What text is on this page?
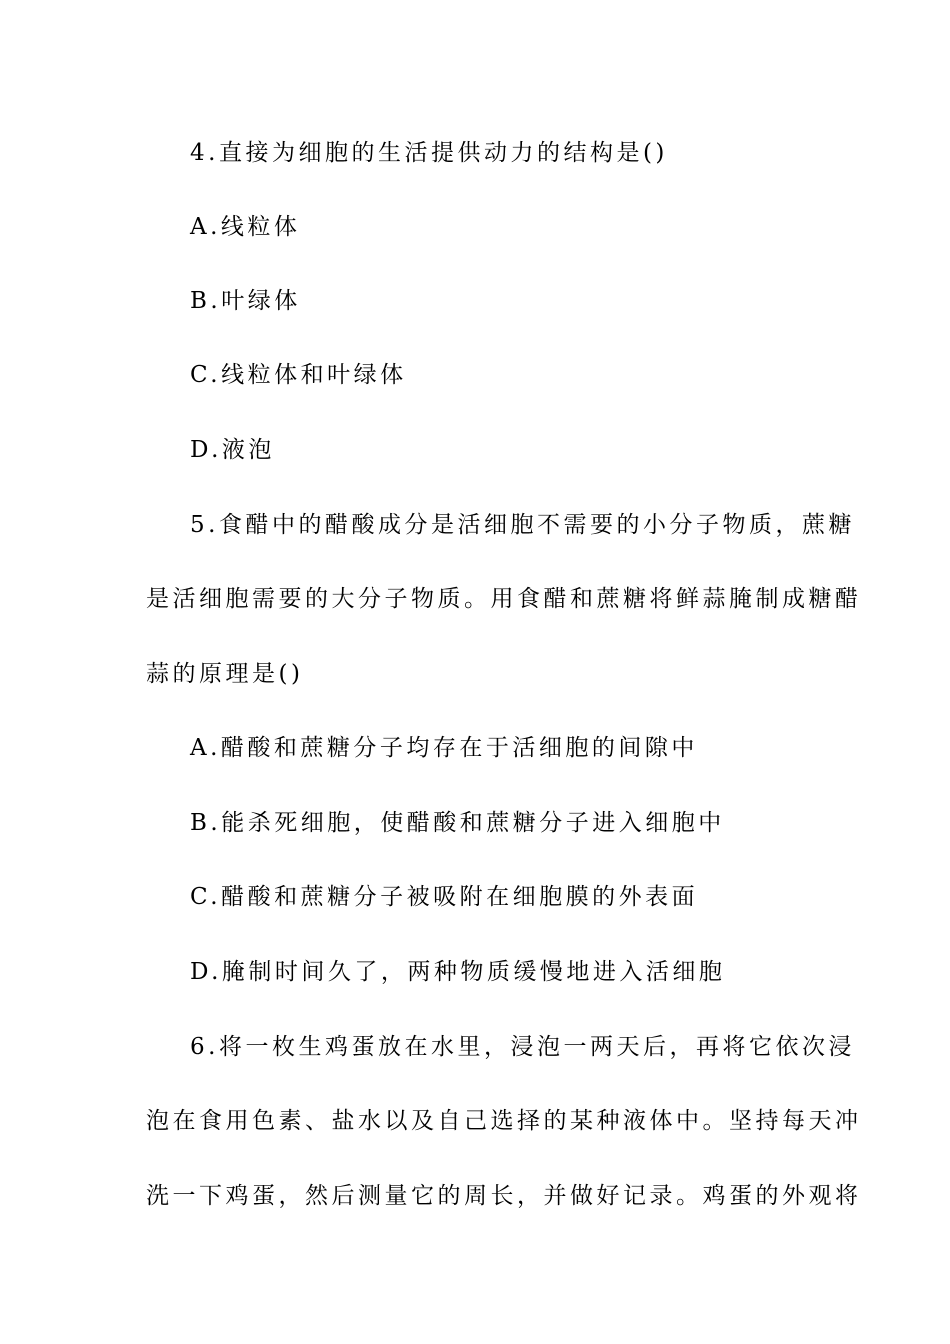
4.直接为细胞的生活提供动力的结构是()
A.线粒体
B.叶绿体
C.线粒体和叶绿体
D.液泡
5.食醋中的醋酸成分是活细胞不需要的小分子物质，蔗糖
是活细胞需要的大分子物质。用食醋和蔗糖将鲜蒜腌制成糖醋
蒜的原理是()
A.醋酸和蔗糖分子均存在于活细胞的间隙中
B.能杀死细胞，使醋酸和蔗糖分子进入细胞中
C.醋酸和蔗糖分子被吸附在细胞膜的外表面
D.腌制时间久了，两种物质缓慢地进入活细胞
6.将一枚生鸡蛋放在水里，浸泡一两天后，再将它依次浸
泡在食用色素、盐水以及自己选择的某种液体中。坚持每天冲
洗一下鸡蛋，然后测量它的周长，并做好记录。鸡蛋的外观将
